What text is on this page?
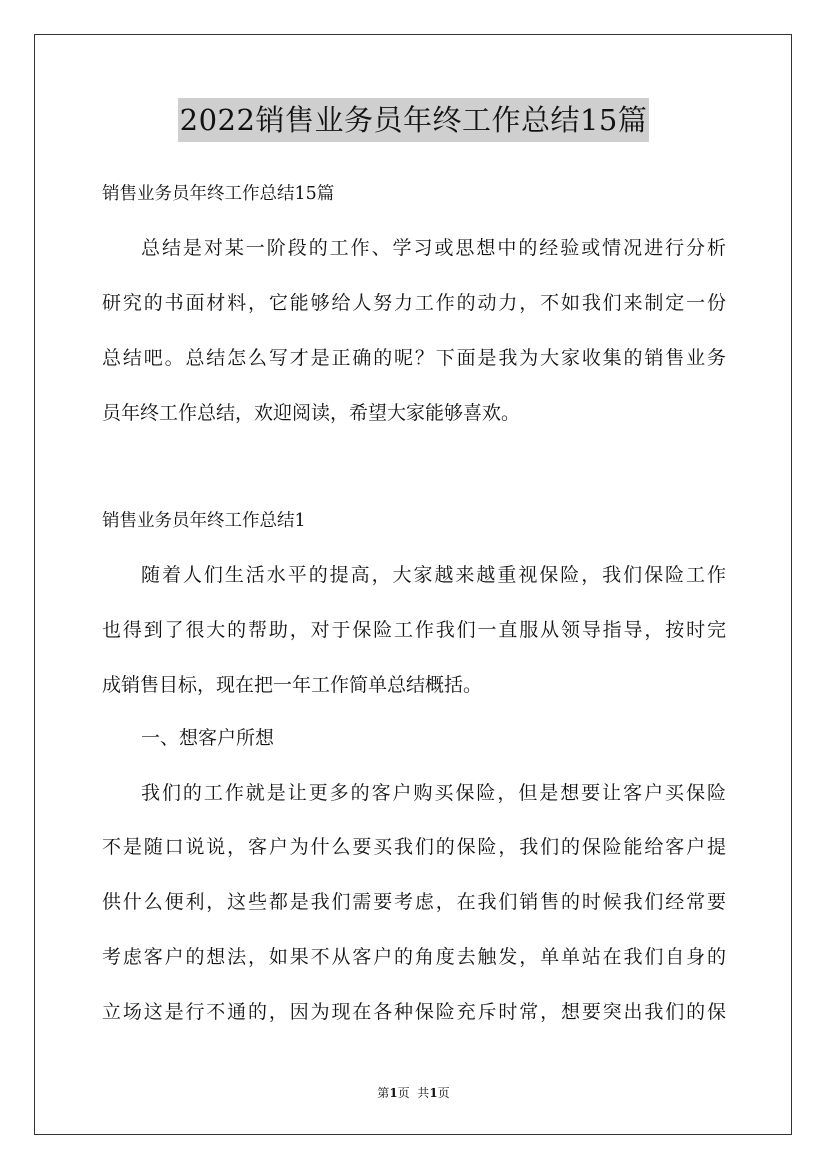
2022销售业务员年终工作总结15篇
销售业务员年终工作总结15篇
总结是对某一阶段的工作、学习或思想中的经验或情况进行分析
研究的书面材料，它能够给人努力工作的动力，不如我们来制定一份
总结吧。总结怎么写才是正确的呢？下面是我为大家收集的销售业务
员年终工作总结，欢迎阅读，希望大家能够喜欢。
销售业务员年终工作总结1
随着人们生活水平的提高，大家越来越重视保险，我们保险工作
也得到了很大的帮助，对于保险工作我们一直服从领导指导，按时完
成销售目标，现在把一年工作简单总结概括。
一、想客户所想
我们的工作就是让更多的客户购买保险，但是想要让客户买保险
不是随口说说，客户为什么要买我们的保险，我们的保险能给客户提
供什么便利，这些都是我们需要考虑，在我们销售的时候我们经常要
考虑客户的想法，如果不从客户的角度去触发，单单站在我们自身的
立场这是行不通的，因为现在各种保险充斥时常，想要突出我们的保
第1页  共1页
